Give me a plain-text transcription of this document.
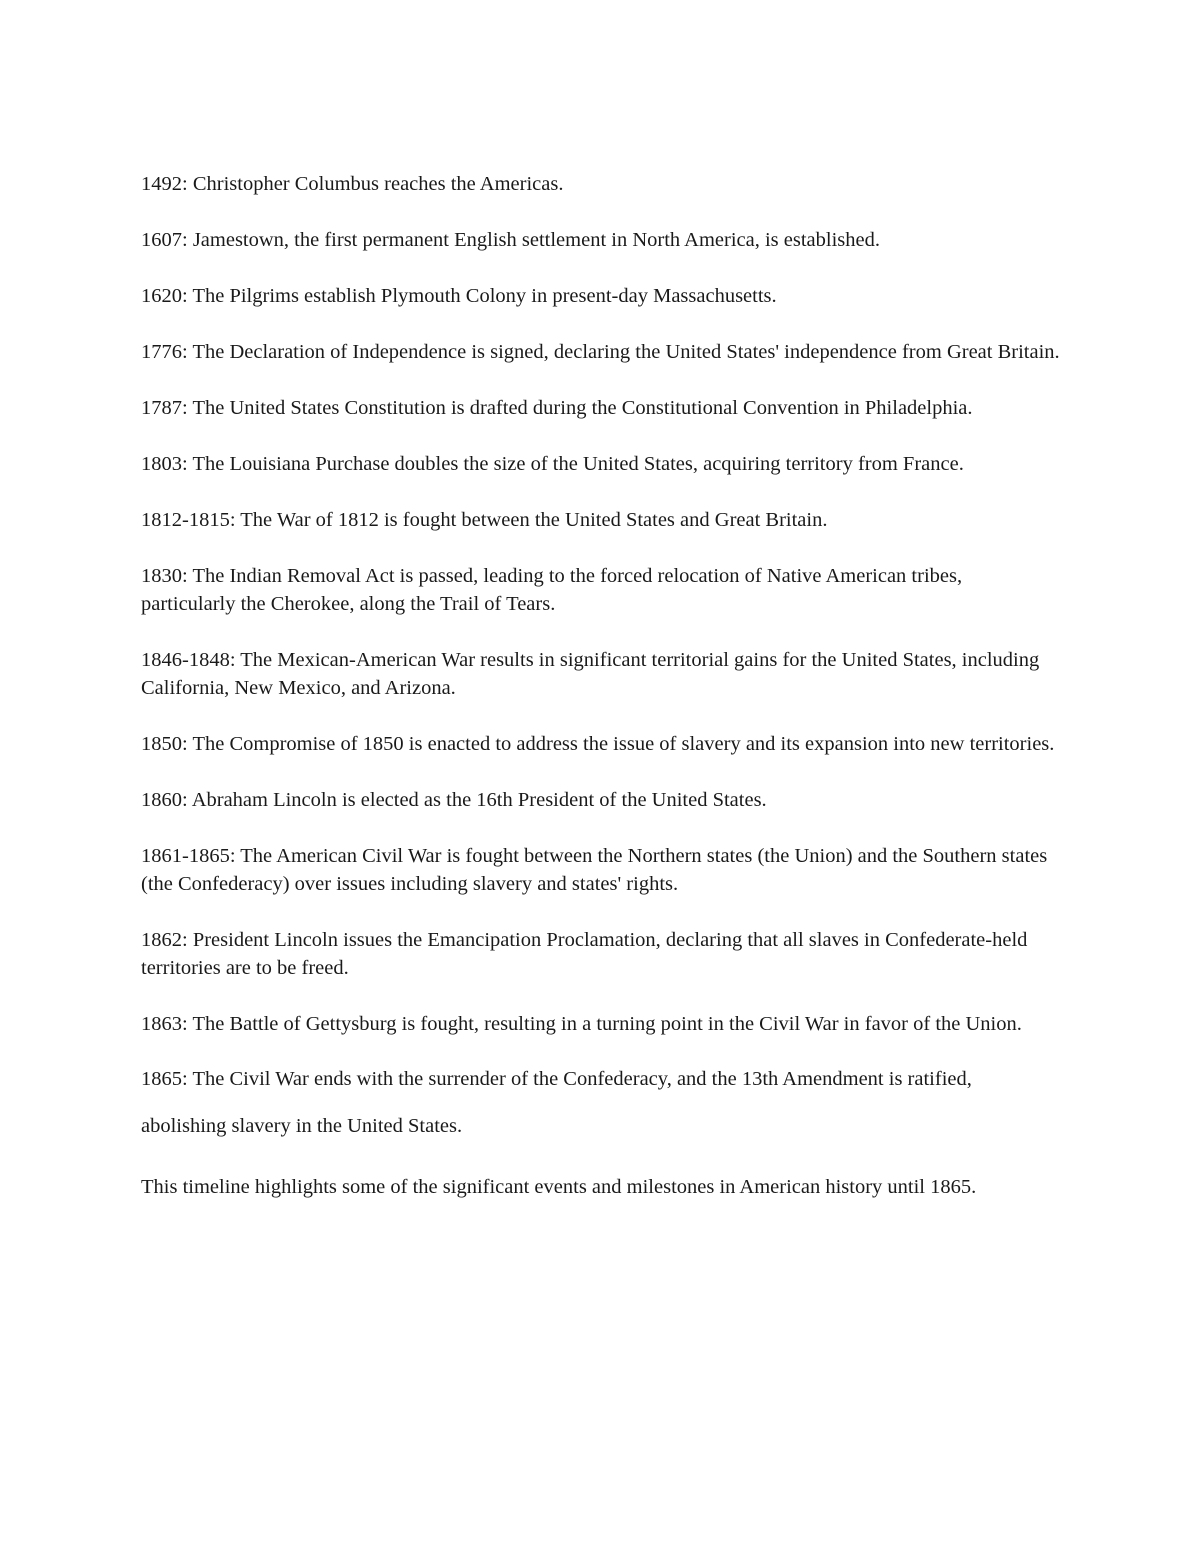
1492: Christopher Columbus reaches the Americas.

1607: Jamestown, the first permanent English settlement in North America, is established.

1620: The Pilgrims establish Plymouth Colony in present-day Massachusetts.

1776: The Declaration of Independence is signed, declaring the United States' independence from Great Britain.

1787: The United States Constitution is drafted during the Constitutional Convention in Philadelphia.

1803: The Louisiana Purchase doubles the size of the United States, acquiring territory from France.

1812-1815: The War of 1812 is fought between the United States and Great Britain.

1830: The Indian Removal Act is passed, leading to the forced relocation of Native American tribes, particularly the Cherokee, along the Trail of Tears.

1846-1848: The Mexican-American War results in significant territorial gains for the United States, including California, New Mexico, and Arizona.

1850: The Compromise of 1850 is enacted to address the issue of slavery and its expansion into new territories.

1860: Abraham Lincoln is elected as the 16th President of the United States.

1861-1865: The American Civil War is fought between the Northern states (the Union) and the Southern states (the Confederacy) over issues including slavery and states' rights.

1862: President Lincoln issues the Emancipation Proclamation, declaring that all slaves in Confederate-held territories are to be freed.

1863: The Battle of Gettysburg is fought, resulting in a turning point in the Civil War in favor of the Union.

1865: The Civil War ends with the surrender of the Confederacy, and the 13th Amendment is ratified, abolishing slavery in the United States.

This timeline highlights some of the significant events and milestones in American history until 1865.
